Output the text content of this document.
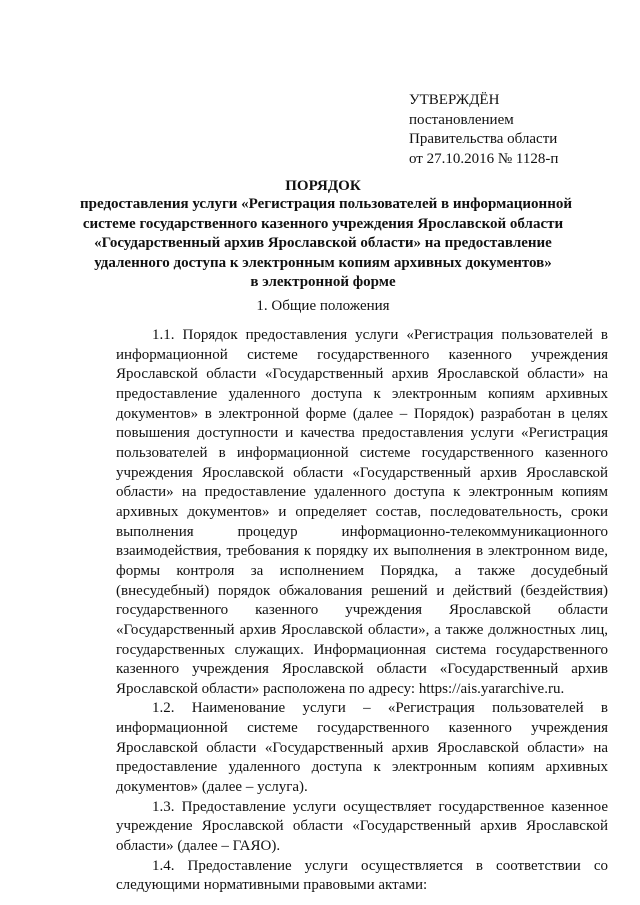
УТВЕРЖДЁН
постановлением
Правительства области
от 27.10.2016 № 1128-п
ПОРЯДОК
предоставления услуги «Регистрация пользователей в информационной
системе государственного казенного учреждения Ярославской области
«Государственный архив Ярославской области» на предоставление
удаленного доступа к электронным копиям архивных документов»
в электронной форме
1. Общие положения

1.1. Порядок предоставления услуги «Регистрация пользователей в информационной системе государственного казенного учреждения Ярославской области «Государственный архив Ярославской области» на предоставление удаленного доступа к электронным копиям архивных документов» в электронной форме (далее – Порядок) разработан в целях повышения доступности и качества предоставления услуги «Регистрация пользователей в информационной системе государственного казенного учреждения Ярославской области «Государственный архив Ярославской области» на предоставление удаленного доступа к электронным копиям архивных документов» и определяет состав, последовательность, сроки выполнения процедур информационно-телекоммуникационного взаимодействия, требования к порядку их выполнения в электронном виде, формы контроля за исполнением Порядка, а также досудебный (внесудебный) порядок обжалования решений и действий (бездействия) государственного казенного учреждения Ярославской области «Государственный архив Ярославской области», а также должностных лиц, государственных служащих. Информационная система государственного казенного учреждения Ярославской области «Государственный архив Ярославской области» расположена по адресу: https://ais.yararchive.ru.

1.2. Наименование услуги – «Регистрация пользователей в информационной системе государственного казенного учреждения Ярославской области «Государственный архив Ярославской области» на предоставление удаленного доступа к электронным копиям архивных документов» (далее – услуга).

1.3. Предоставление услуги осуществляет государственное казенное учреждение Ярославской области «Государственный архив Ярославской области» (далее – ГАЯО).

1.4. Предоставление услуги осуществляется в соответствии со следующими нормативными правовыми актами:
